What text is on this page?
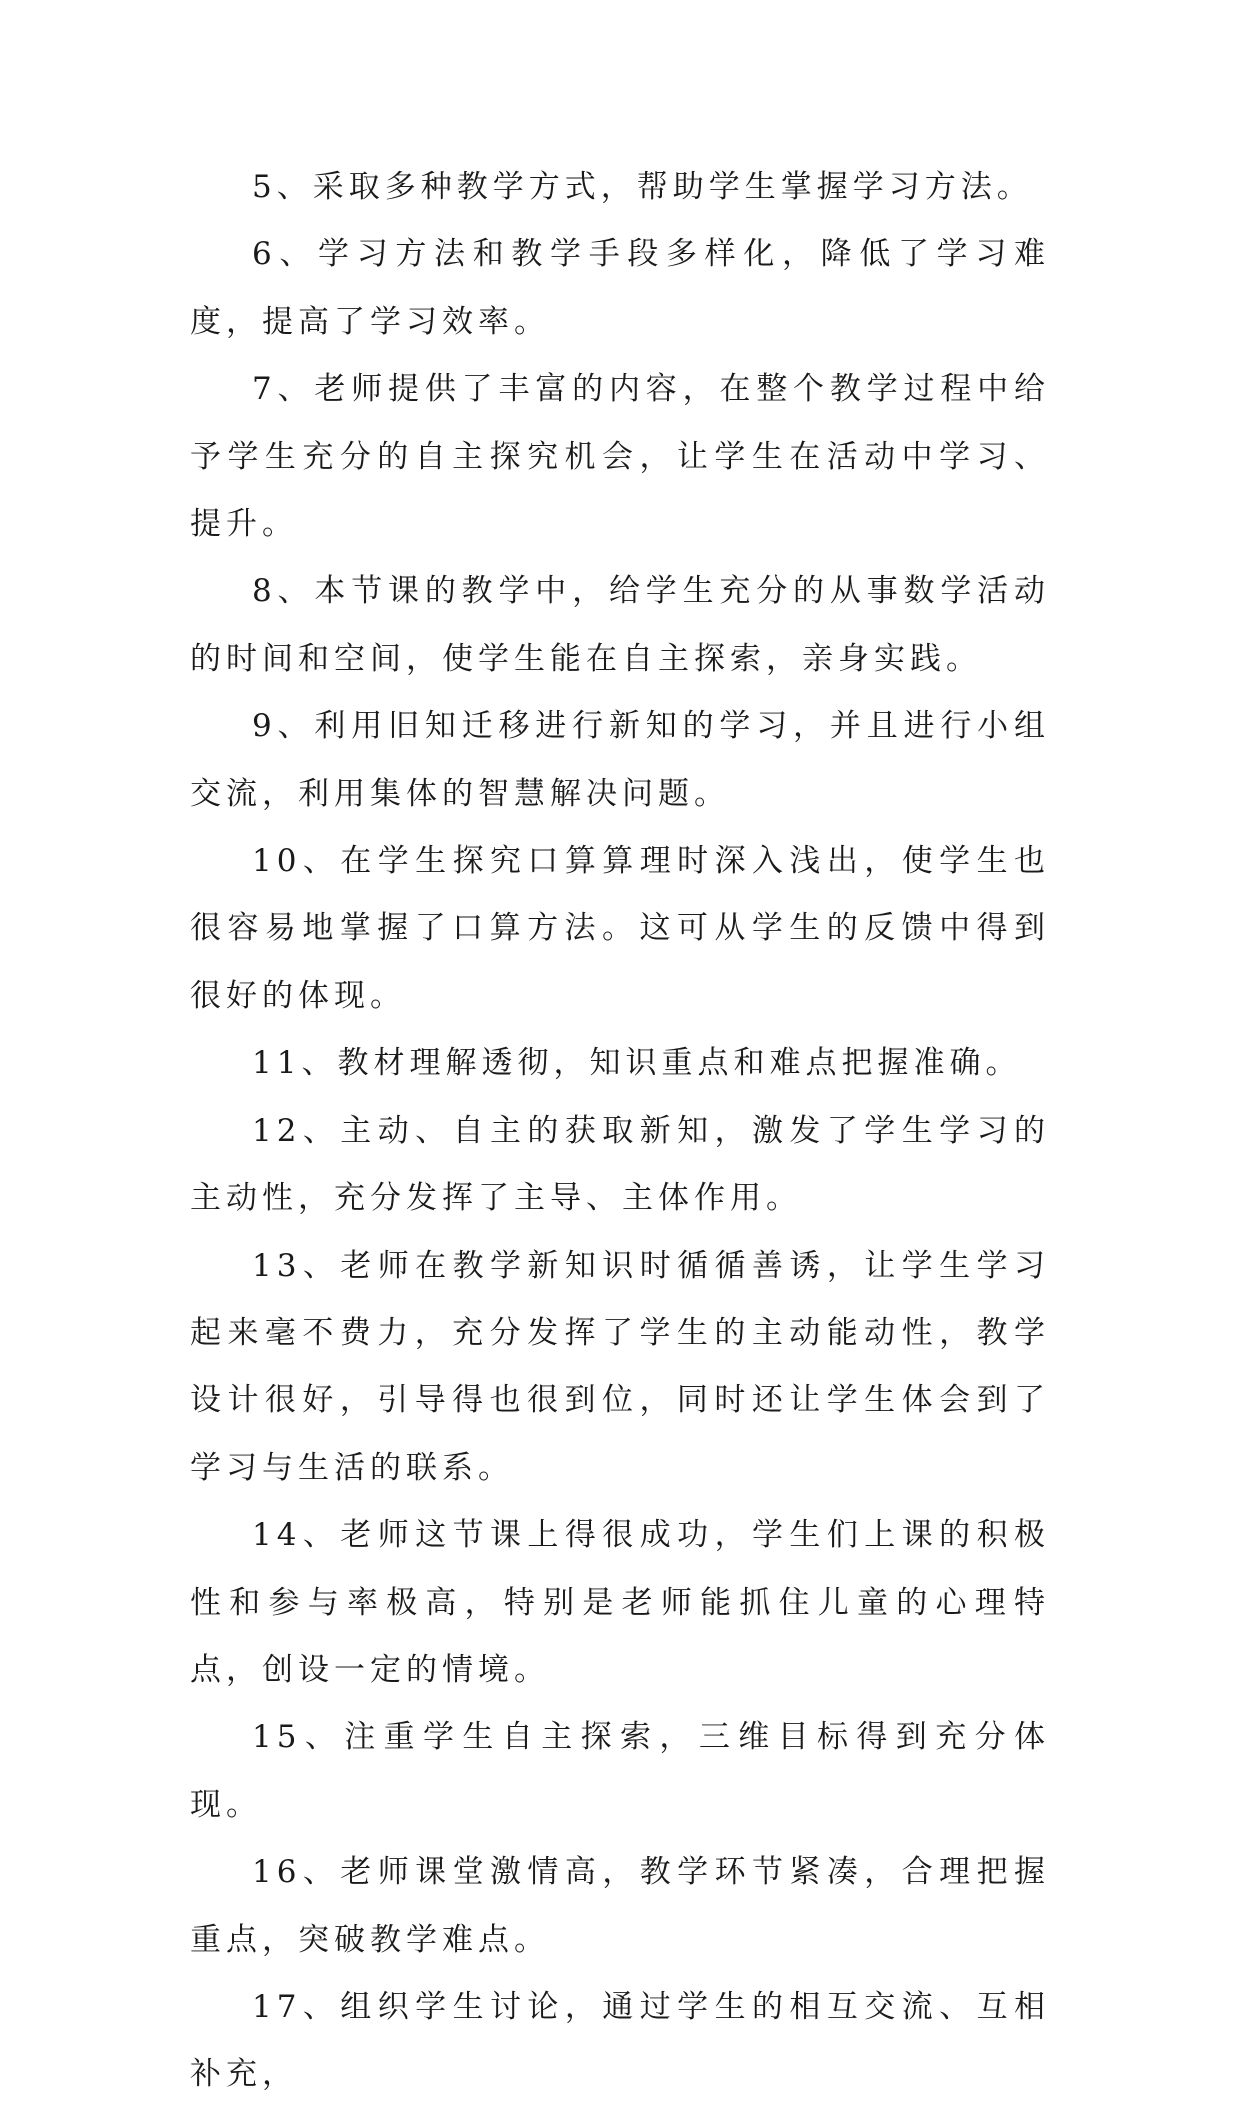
5、采取多种教学方式，帮助学生掌握学习方法。

6、学习方法和教学手段多样化，降低了学习难度，提高了学习效率。

7、老师提供了丰富的内容，在整个教学过程中给予学生充分的自主探究机会，让学生在活动中学习、提升。

8、本节课的教学中，给学生充分的从事数学活动的时间和空间，使学生能在自主探索，亲身实践。

9、利用旧知迁移进行新知的学习，并且进行小组交流，利用集体的智慧解决问题。

10、在学生探究口算算理时深入浅出，使学生也很容易地掌握了口算方法。这可从学生的反馈中得到很好的体现。

11、教材理解透彻，知识重点和难点把握准确。

12、主动、自主的获取新知，激发了学生学习的主动性，充分发挥了主导、主体作用。

13、老师在教学新知识时循循善诱，让学生学习起来毫不费力，充分发挥了学生的主动能动性，教学设计很好，引导得也很到位，同时还让学生体会到了学习与生活的联系。

14、老师这节课上得很成功，学生们上课的积极性和参与率极高，特别是老师能抓住儿童的心理特点，创设一定的情境。

15、注重学生自主探索，三维目标得到充分体现。

16、老师课堂激情高，教学环节紧凑，合理把握重点，突破教学难点。

17、组织学生讨论，通过学生的相互交流、互相补充，
